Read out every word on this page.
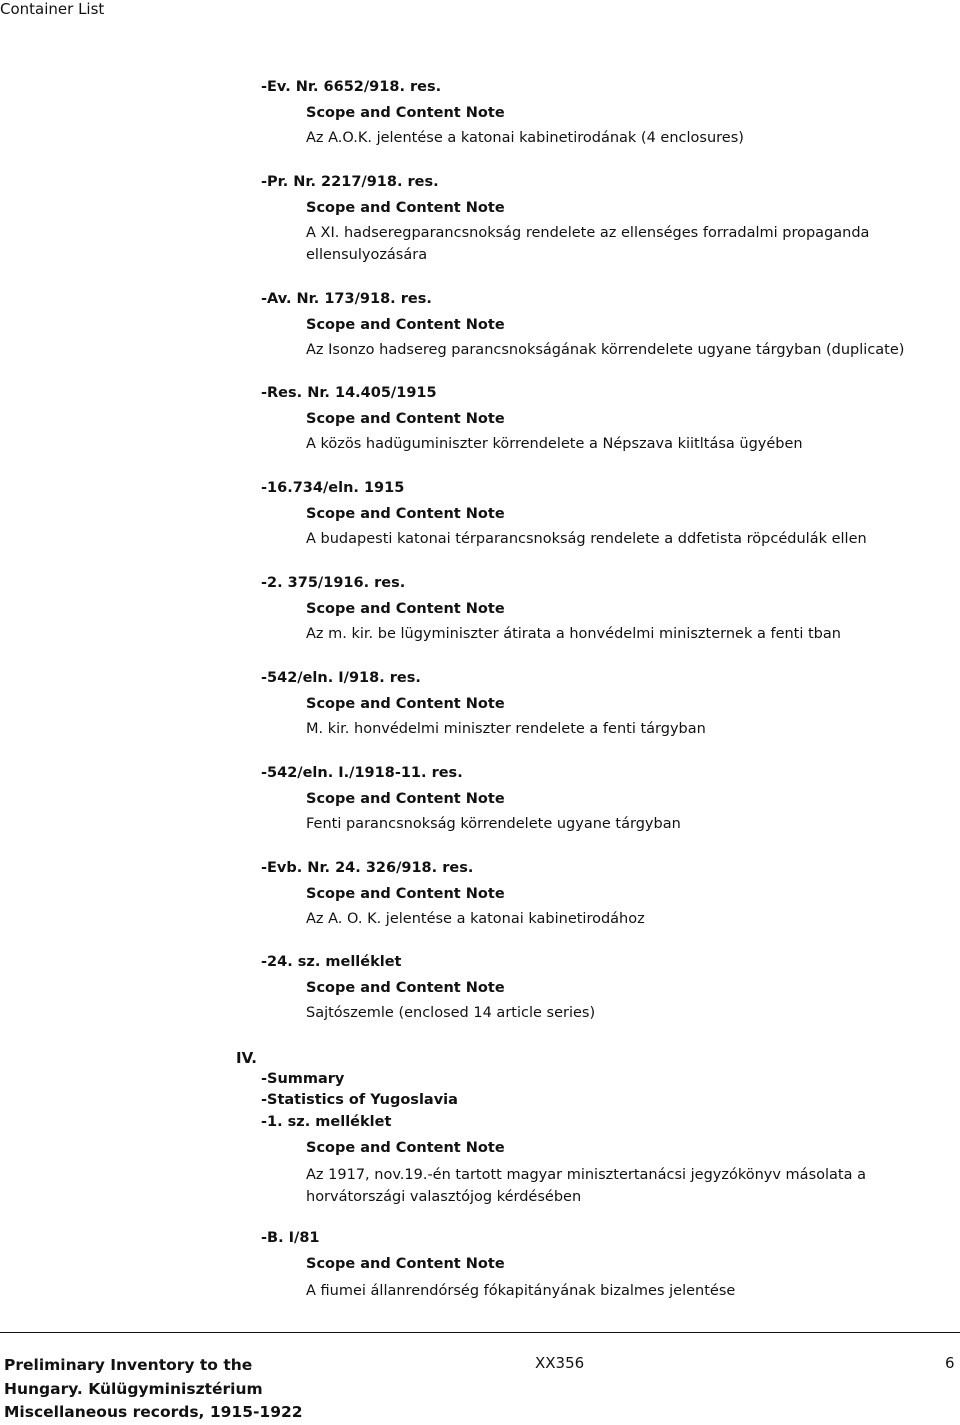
Container List
-Ev. Nr. 6652/918. res.
Scope and Content Note
Az A.O.K. jelentése a katonai kabinetirodának (4 enclosures)
-Pr. Nr. 2217/918. res.
Scope and Content Note
A XI. hadseregparancsnokság rendelete az ellenséges forradalmi propaganda ellensulyozására
-Av. Nr. 173/918. res.
Scope and Content Note
Az Isonzo hadsereg parancsnokságának körrendelete ugyane tárgyban (duplicate)
-Res. Nr. 14.405/1915
Scope and Content Note
A közös hadüguminiszter körrendelete a Népszava kiitltása ügyében
-16.734/eln. 1915
Scope and Content Note
A budapesti katonai térparancsnokság rendelete a ddfetista röpcédulák ellen
-2. 375/1916. res.
Scope and Content Note
Az m. kir. be lügyminiszter átirata a honvédelmi miniszternek a fenti tban
-542/eln. I/918. res.
Scope and Content Note
M. kir. honvédelmi miniszter rendelete a fenti tárgyban
-542/eln. I./1918-11. res.
Scope and Content Note
Fenti parancsnokság körrendelete ugyane tárgyban
-Evb. Nr. 24. 326/918. res.
Scope and Content Note
Az A. O. K. jelentése a katonai kabinetirodához
-24. sz. melléklet
Scope and Content Note
Sajtószemle (enclosed 14 article series)
IV.
-Summary
-Statistics of Yugoslavia
-1. sz. melléklet
Scope and Content Note
Az 1917, nov.19.-én tartott magyar minisztertanácsi jegyzókönyv másolata a horvátországi valasztójog kérdésében
-B. I/81
Scope and Content Note
A fiumei állanrendórség fókapitányának bizalmes jelentése
Preliminary Inventory to the
Hungary. Külügyminisztérium
Miscellaneous records, 1915-1922
XX356	6
